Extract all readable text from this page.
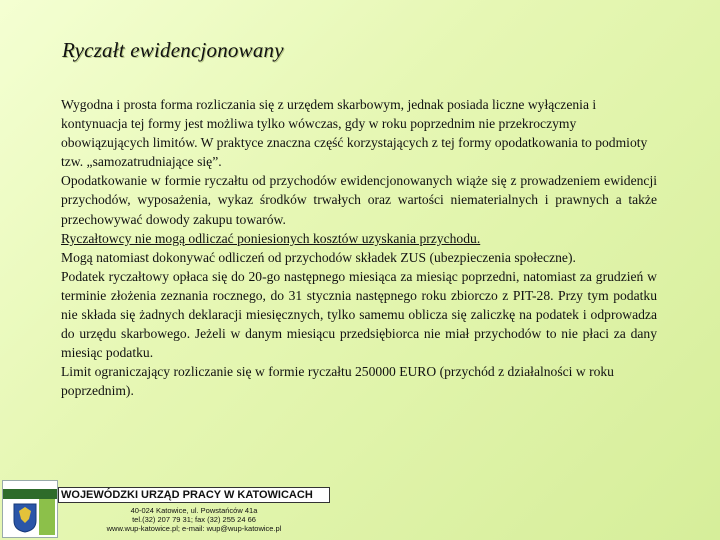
Ryczałt ewidencjonowany

Wygodna i prosta forma rozliczania się z urzędem skarbowym, jednak posiada liczne wyłączenia i kontynuacja tej formy jest możliwa tylko wówczas, gdy w roku poprzednim nie przekroczymy obowiązujących limitów. W praktyce znaczna część korzystających z tej formy opodatkowania to podmioty tzw. „samozatrudniające się”.

Opodatkowanie w formie ryczałtu od przychodów ewidencjonowanych wiąże się z prowadzeniem ewidencji przychodów, wyposażenia, wykaz środków trwałych oraz wartości niematerialnych i prawnych a także przechowywać dowody zakupu towarów.

Ryczałtowcy nie mogą odliczać poniesionych kosztów uzyskania przychodu.

Mogą natomiast dokonywać odliczeń od przychodów składek ZUS (ubezpieczenia społeczne).

Podatek ryczałtowy opłaca się do 20-go następnego miesiąca za miesiąc poprzedni, natomiast za grudzień w terminie złożenia zeznania rocznego, do 31 stycznia następnego roku zbiorczo z PIT-28. Przy tym podatku nie składa się żadnych deklaracji miesięcznych, tylko samemu oblicza się zaliczkę na podatek i odprowadza do urzędu skarbowego. Jeżeli w danym miesiącu przedsiębiorca nie miał przychodów to nie płaci za dany miesiąc podatku.

Limit ograniczający rozliczanie się w formie ryczałtu 250000 EURO (przychód z działalności w roku poprzednim).

WOJEWÓDZKI URZĄD PRACY W KATOWICACH
40-024 Katowice, ul. Powstańców 41a
tel.(32) 207 79 31; fax (32) 255 24 66
www.wup-katowice.pl; e-mail: wup@wup-katowice.pl
